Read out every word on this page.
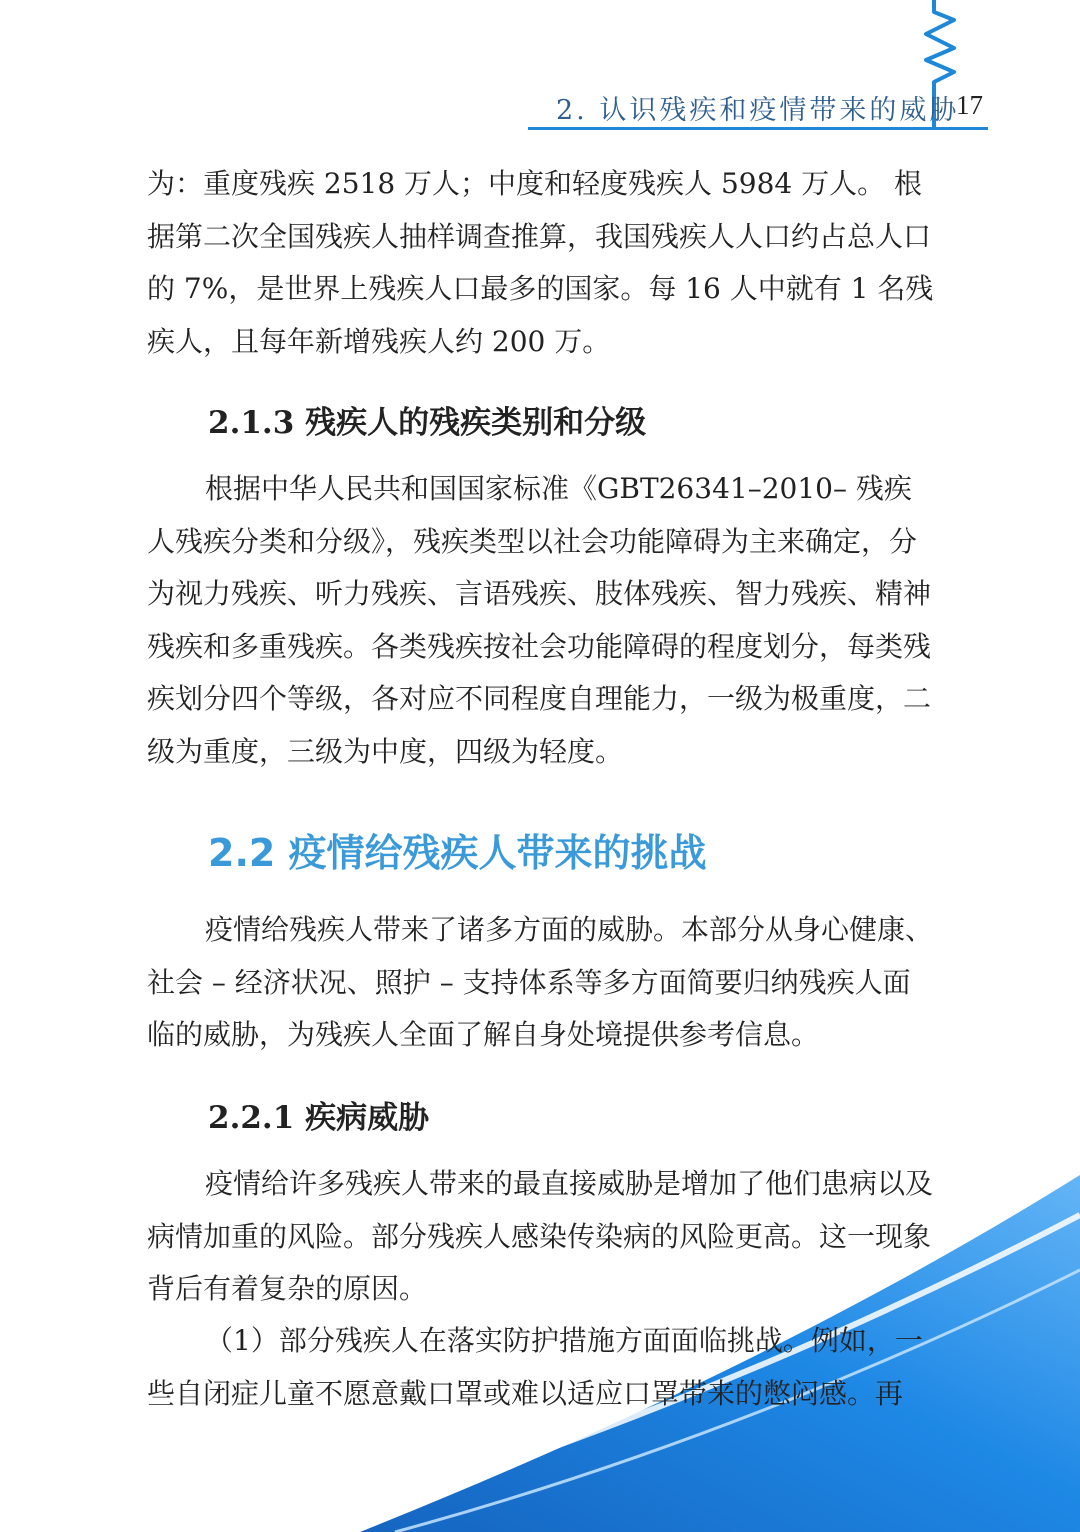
2. 认识残疾和疫情带来的威胁
17

为：重度残疾 2518 万人；中度和轻度残疾人 5984 万人。 根据第二次全国残疾人抽样调查推算，我国残疾人人口约占总人口的 7%，是世界上残疾人口最多的国家。每 16 人中就有 1 名残疾人，且每年新增残疾人约 200 万。

2.1.3 残疾人的残疾类别和分级

根据中华人民共和国国家标准《GBT26341–2010– 残疾人残疾分类和分级》，残疾类型以社会功能障碍为主来确定，分为视力残疾、听力残疾、言语残疾、肢体残疾、智力残疾、精神残疾和多重残疾。各类残疾按社会功能障碍的程度划分，每类残疾划分四个等级，各对应不同程度自理能力，一级为极重度，二级为重度，三级为中度，四级为轻度。

2.2 疫情给残疾人带来的挑战

疫情给残疾人带来了诸多方面的威胁。本部分从身心健康、社会 – 经济状况、照护 – 支持体系等多方面简要归纳残疾人面临的威胁，为残疾人全面了解自身处境提供参考信息。

2.2.1 疾病威胁

疫情给许多残疾人带来的最直接威胁是增加了他们患病以及病情加重的风险。部分残疾人感染传染病的风险更高。这一现象背后有着复杂的原因。

（1）部分残疾人在落实防护措施方面面临挑战。例如，一些自闭症儿童不愿意戴口罩或难以适应口罩带来的憋闷感。再
